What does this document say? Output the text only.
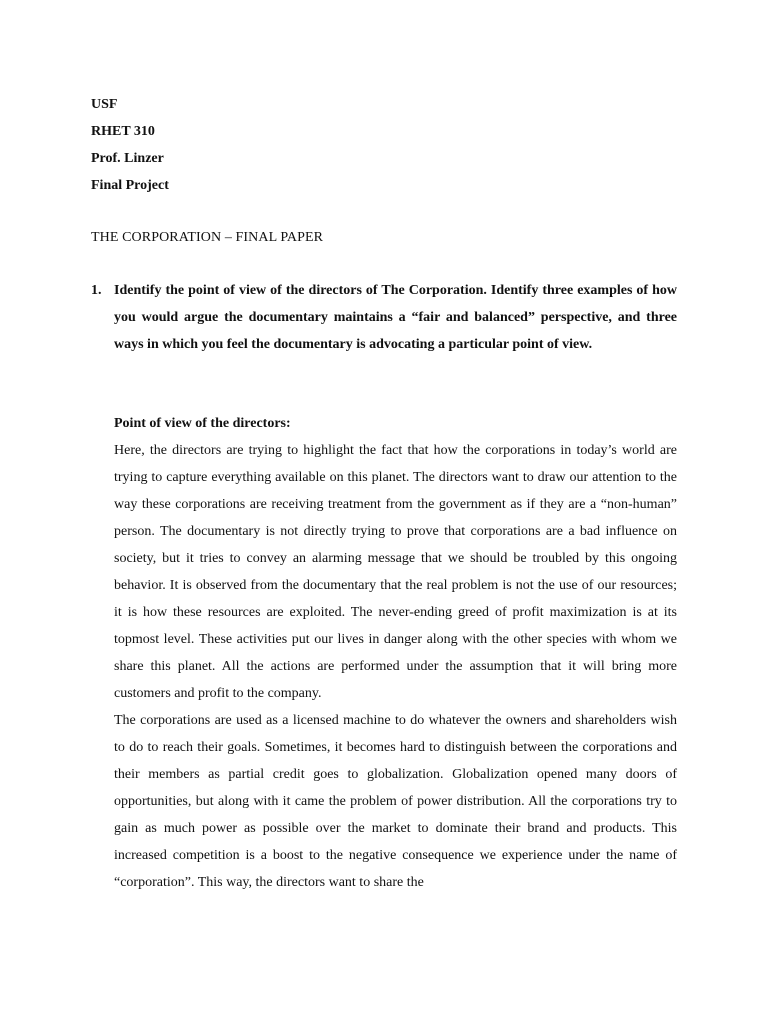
USF
RHET 310
Prof. Linzer
Final Project
THE CORPORATION – FINAL PAPER
1. Identify the point of view of the directors of The Corporation. Identify three examples of how you would argue the documentary maintains a “fair and balanced” perspective, and three ways in which you feel the documentary is advocating a particular point of view.
Point of view of the directors:

Here, the directors are trying to highlight the fact that how the corporations in today’s world are trying to capture everything available on this planet. The directors want to draw our attention to the way these corporations are receiving treatment from the government as if they are a “non-human” person. The documentary is not directly trying to prove that corporations are a bad influence on society, but it tries to convey an alarming message that we should be troubled by this ongoing behavior. It is observed from the documentary that the real problem is not the use of our resources; it is how these resources are exploited. The never-ending greed of profit maximization is at its topmost level. These activities put our lives in danger along with the other species with whom we share this planet. All the actions are performed under the assumption that it will bring more customers and profit to the company.

The corporations are used as a licensed machine to do whatever the owners and shareholders wish to do to reach their goals. Sometimes, it becomes hard to distinguish between the corporations and their members as partial credit goes to globalization. Globalization opened many doors of opportunities, but along with it came the problem of power distribution. All the corporations try to gain as much power as possible over the market to dominate their brand and products. This increased competition is a boost to the negative consequence we experience under the name of “corporation”. This way, the directors want to share the
